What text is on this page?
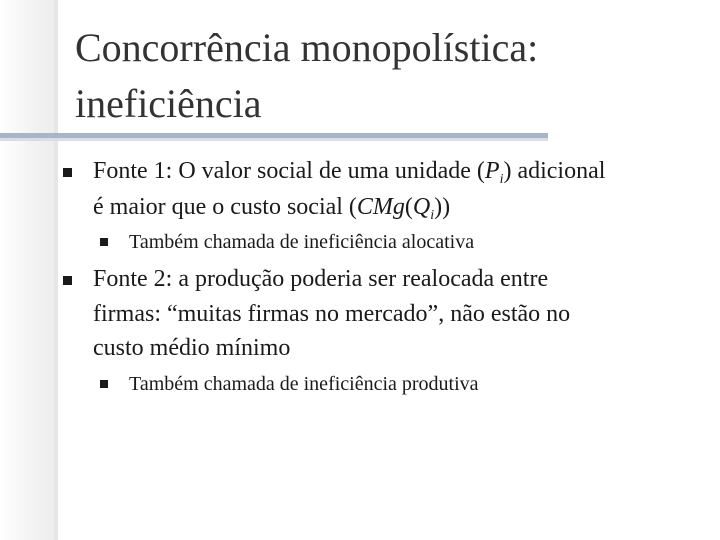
Concorrência monopolística:
ineficiência
Fonte 1: O valor social de uma unidade $(P_i)$ adicional
é maior que o custo social $(CMg(Q_i))$
Também chamada de ineficiência alocativa
Fonte 2: a produção poderia ser realocada entre
firmas: “muitas firmas no mercado”, não estão no
custo médio mínimo
Também chamada de ineficiência produtiva
